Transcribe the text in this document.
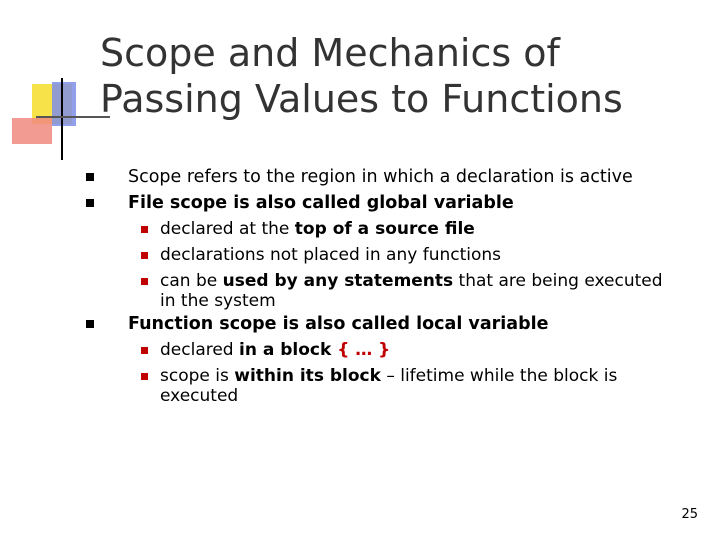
Scope and Mechanics of
Passing Values to Functions
Scope refers to the region in which a declaration is active
File scope is also called global variable
declared at the top of a source file
declarations not placed in any functions
can be used by any statements that are being executed
in the system
Function scope is also called local variable
declared in a block { … }
scope is within its block – lifetime while the block is
executed
25
